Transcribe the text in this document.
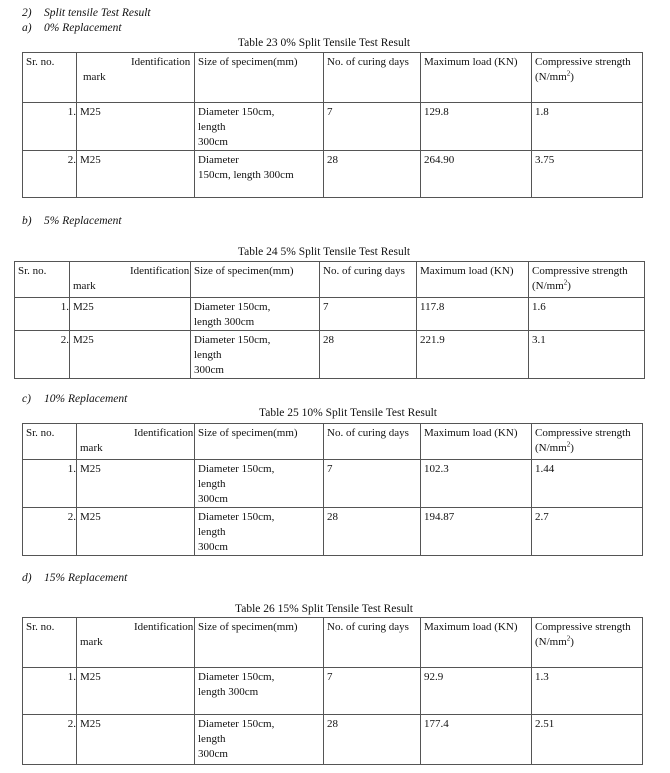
2) Split tensile Test Result
a) 0% Replacement
Table 23 0% Split Tensile Test Result
Sr. no.	Identification mark	Size of specimen(mm)	No. of curing days	Maximum load (KN)	Compressive strength $(N/mm^2)$
1.	M25	Diameter 150cm,
length
300cm	7	129.8	1.8
2.	M25	Diameter
150cm, length 300cm	28	264.90	3.75
b) 5% Replacement
Table 24 5% Split Tensile Test Result
Sr. no.	Identification mark	Size of specimen(mm)	No. of curing days	Maximum load (KN)	Compressive strength $(N/mm^2)$
1.	M25	Diameter 150cm,
length 300cm	7	117.8	1.6
2.	M25	Diameter 150cm,
length
300cm	28	221.9	3.1
c) 10% Replacement
Table 25 10% Split Tensile Test Result
Sr. no.	Identification mark	Size of specimen(mm)	No. of curing days	Maximum load (KN)	Compressive strength $(N/mm^2)$
1.	M25	Diameter 150cm,
length
300cm	7	102.3	1.44
2.	M25	Diameter 150cm,
length
300cm	28	194.87	2.7
d) 15% Replacement
Table 26 15% Split Tensile Test Result
Sr. no.	Identification mark	Size of specimen(mm)	No. of curing days	Maximum load (KN)	Compressive strength $(N/mm^2)$
1.	M25	Diameter 150cm,
length 300cm	7	92.9	1.3
2.	M25	Diameter 150cm,
length
300cm	28	177.4	2.51
